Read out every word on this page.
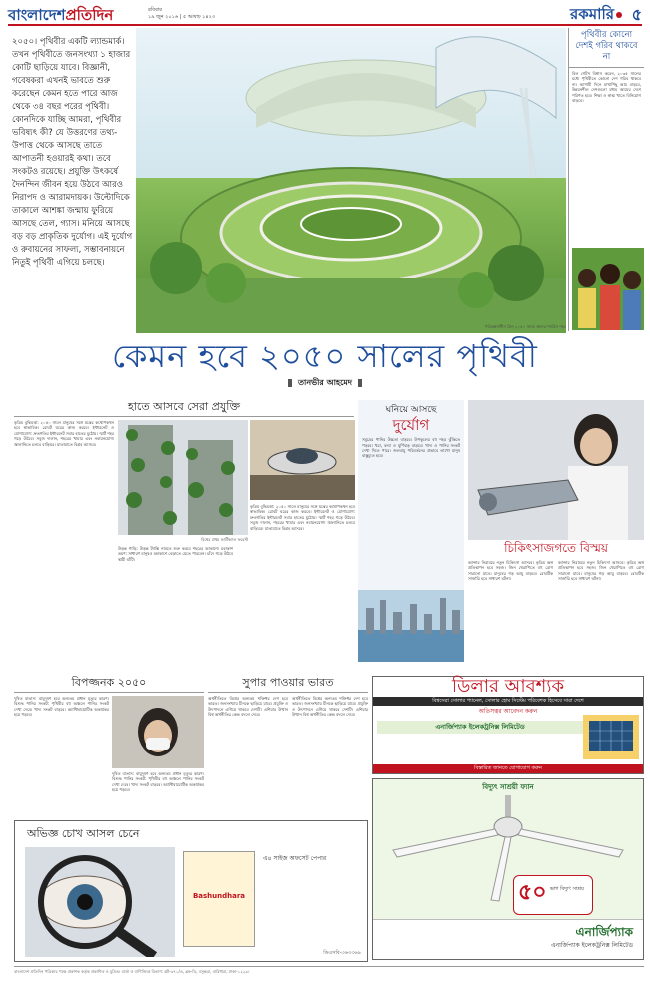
বাংলাদেশপ্রতিদিন	রবিবার
১৯ জুন ২০১৬ | ৫ আষাঢ় ১৪২৩	রকমারি ৫
২০৫০। পৃথিবীর একটি ল্যান্ডমার্ক। তখন পৃথিবীতে জনসংখ্যা ১ হাজার কোটি ছাড়িয়ে যাবে। বিজ্ঞানী, গবেষকরা এখনই ভাবতে শুরু করেছেন কেমন হতে পারে আজ থেকে ৩৪ বছর পরের পৃথিবী। কোনদিকে যাচ্ছি আমরা, পৃথিবীর ভবিষ্যৎ কী? যে উত্তরণের তথ্য-উপাত্ত থেকে আসছে তাতে আপাতনী হওয়ারই কথা। তবে সংকটও রয়েছে। প্রযুক্তি উৎকর্ষে দৈনন্দিন জীবন হয়ে উঠবে আরও নিরাপদ ও আরামদায়ক। উল্টোদিকে তাকালে আশঙ্কা জন্মায় ফুরিয়ে আসছে তেল, গ্যাস। মনিয়ে আসছে বড় বড় প্রাকৃতিক দুর্যোগ। এই দুর্যোগ ও রুবায়নের সাফল্য, সম্ভাবনায়নে নিতুই পৃথিবী এগিয়ে চলছে।
পরিকল্পনাধীন গ্রিন ২০৫০ সালে ভ্রুদের প্যারিস শহর
পৃথিবীর কোনো দেশই গরিব থাকবে না
বিল গেটস বিশ্বাস করেন, ২০৩৫ সালের মধ্যে পৃথিবীতে কোনো দেশ গরিব থাকবে না। আগামী দিনে মাথাপিছু আয় বাড়বে, উন্নয়নশীল দেশগুলো মধ্যম আয়ের দেশে পরিণত হবে। শিক্ষা ও স্বাস্থ্য খাতে বিনিয়োগ বাড়বে।
কেমন হবে ২০৫০ সালের পৃথিবী
তানভীর আহমেদ
হাতে আসবে সেরা প্রযুক্তি
কৃত্রিম বুদ্ধিমত্তা: ২০৫০ সালে মানুষের সঙ্গে যন্ত্রের কথোপকথন হবে স্বাভাবিক। রোবট ঘরের কাজ করবে। ইন্টারনেট ও যোগাযোগ: দ্রুতগতির ইন্টারনেট সবার হাতের মুঠোয়। স্মার্ট শহর গড়ে উঠবে। সবুজ দালান, শহরের খামার এবং নবায়নযোগ্য জ্বালানিতে চলবে বাড়িঘর। যাতায়াতে বিপ্লব আসবে।
বিশ্বের প্রথম ভার্টিক্যাল ফরেস্ট
উড়ন্ত গাড়ি: উড়ন্ত ট্যাক্সি নামতে শুরু করবে শহরের আকাশে। মহাকাশ ভ্রমণ: সাধারণ মানুষও মহাকাশে বেড়াতে যেতে পারবেন। চাঁদে গড়ে উঠবে স্থায়ী ঘাঁটি।
কৃত্রিম বুদ্ধিমত্তা: ২০৫০ সালে মানুষের সঙ্গে যন্ত্রের কথোপকথন হবে স্বাভাবিক। রোবট ঘরের কাজ করবে। ইন্টারনেট ও যোগাযোগ: দ্রুতগতির ইন্টারনেট সবার হাতের মুঠোয়। স্মার্ট শহর গড়ে উঠবে। সবুজ দালান, শহরের খামার এবং নবায়নযোগ্য জ্বালানিতে চলবে বাড়িঘর। যাতায়াতে বিপ্লব আসবে।
ঘনিয়ে আসছে
দুর্যোগ
সমুদ্রের পানির উচ্চতা বাড়বে। উপকূলের বহু শহর ঝুঁকিতে পড়বে। খরা, বন্যা ও ঘূর্ণিঝড় বাড়বে। খাদ্য ও পানির সংকট দেখা দিতে পারে। জলবায়ু পরিবর্তনের প্রভাবে লাখো মানুষ বাস্তুচ্যুত হবে।
চিকিৎসাজগতে বিস্ময়
ক্যান্সার নিরাময়ে নতুন চিকিৎসা আসবে। কৃত্রিম অঙ্গ প্রতিস্থাপন হবে সহজ। জিন থেরাপিতে বহু রোগ সারানো যাবে। মানুষের গড় আয়ু বাড়বে। রোবটিক সার্জারি হবে সাধারণ ঘটনা।
ক্যান্সার নিরাময়ে নতুন চিকিৎসা আসবে। কৃত্রিম অঙ্গ প্রতিস্থাপন হবে সহজ। জিন থেরাপিতে বহু রোগ সারানো যাবে। মানুষের গড় আয়ু বাড়বে। রোবটিক সার্জারি হবে সাধারণ ঘটনা।
বিপজ্জনক ২০৫০
দূষিত বাতাস: বায়ুদূষণ হবে অন্যতম প্রধান মৃত্যুর কারণ। বিশুদ্ধ পানির সংকট: পৃথিবীর বহু অঞ্চলে পানির সংকট দেখা দেবে। খাদ্য সংকট বাড়বে। অ্যান্টিবায়োটিক অকার্যকর হয়ে পড়বে।
দূষিত বাতাস: বায়ুদূষণ হবে অন্যতম প্রধান মৃত্যুর কারণ। বিশুদ্ধ পানির সংকট: পৃথিবীর বহু অঞ্চলে পানির সংকট দেখা দেবে। খাদ্য সংকট বাড়বে। অ্যান্টিবায়োটিক অকার্যকর হয়ে পড়বে।
সুপার পাওয়ার ভারত
অর্থনীতিতে বিশ্বের অন্যতম শক্তিধর দেশ হবে ভারত। জনসংখ্যায় চীনকে ছাড়িয়ে যাবে। প্রযুক্তি ও উৎপাদনে এগিয়ে থাকবে দেশটি। এশিয়ার উত্থান বিশ্ব অর্থনীতির কেন্দ্র বদলে দেবে।
অর্থনীতিতে বিশ্বের অন্যতম শক্তিধর দেশ হবে ভারত। জনসংখ্যায় চীনকে ছাড়িয়ে যাবে। প্রযুক্তি ও উৎপাদনে এগিয়ে থাকবে দেশটি। এশিয়ার উত্থান বিশ্ব অর্থনীতির কেন্দ্র বদলে দেবে।
ডিলার আবশ্যক
বিশ্বসেরা সোলার প্যানেল, সোলার হোম সিস্টেম পরিবেশক হিসেবে সারা দেশে
অতিসত্বর আবেদন করুন
এনার্জিপ্যাক ইলেকট্রনিক্স লিমিটেড
বিস্তারিত জানতে যোগাযোগ করুন
বিদ্যুৎ সাশ্রয়ী ফ্যান
৫০ ভাগ বিদ্যুৎ সাশ্রয়
এনার্জিপ্যাক
এনার্জিপ্যাক ইলেকট্রনিক্স লিমিটেড
অভিজ্ঞ চোখ আসল চেনে
Bashundhara
এ৪ সাইজ অফসেট পেপার
ডিএসবি-৩৬৩৩৬৯
বাংলাদেশ প্রতিদিন পত্রিকার পক্ষে প্রকাশক কর্তৃক প্রকাশিত ও মুদ্রিত। বার্তা ও বাণিজ্যিক বিভাগ: প্লট-৩৭১/এ, ব্লক-ডি, বসুন্ধরা, বারিধারা, ঢাকা-১২২৯।
